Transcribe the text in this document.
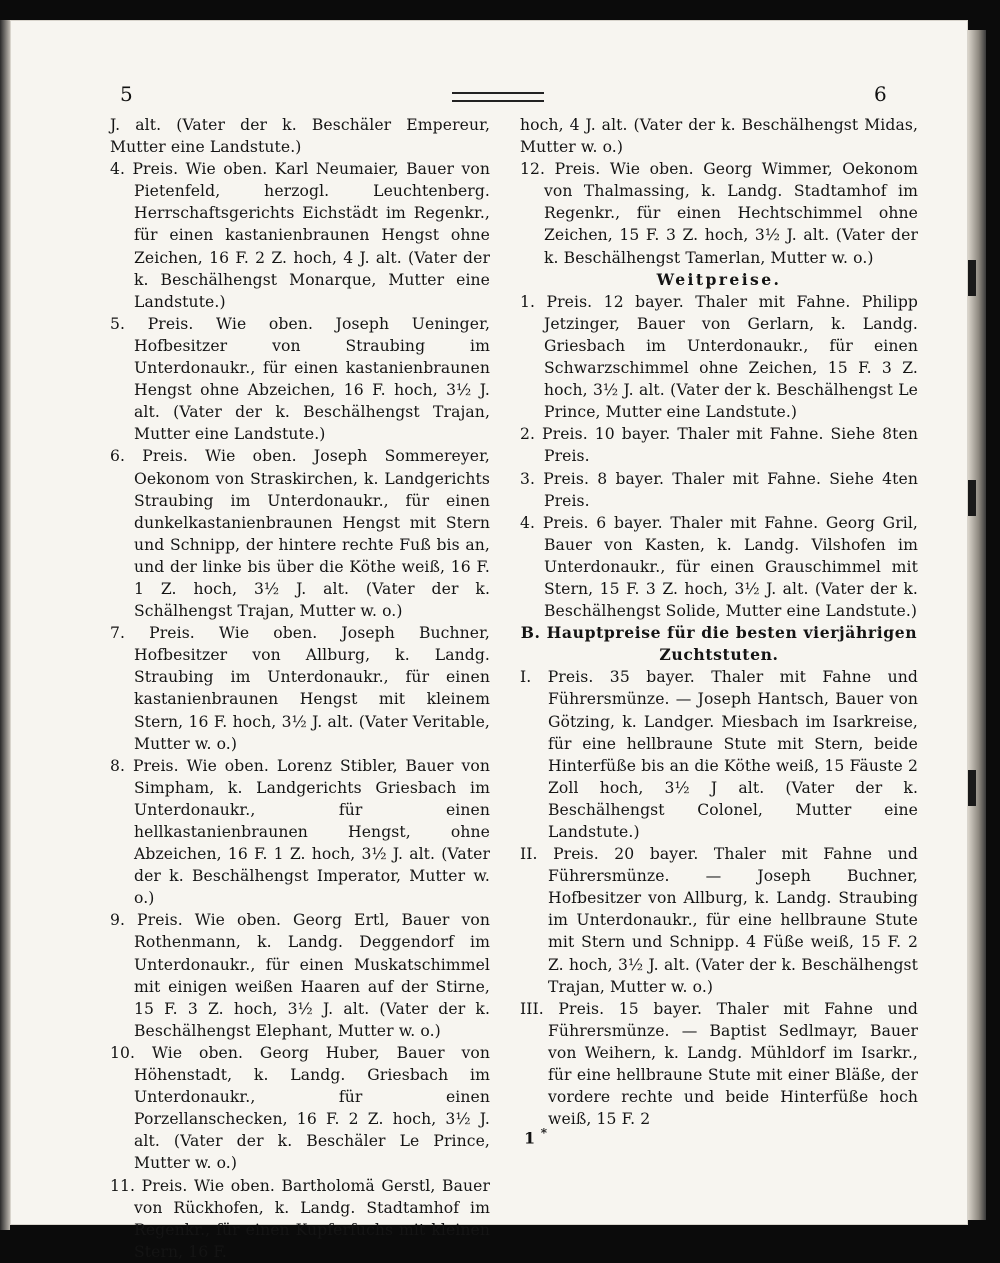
5	6

J. alt. (Vater der k. Beschäler Empereur, Mutter eine Landstute.)

4. Preis. Wie oben. Karl Neumaier, Bauer von Pietenfeld, herzogl. Leuchtenberg. Herrschaftsgerichts Eichstädt im Regenkr., für einen kastanienbraunen Hengst ohne Zeichen, 16 F. 2 Z. hoch, 4 J. alt. (Vater der k. Beschälhengst Monarque, Mutter eine Landstute.)

5. Preis. Wie oben. Joseph Ueninger, Hofbesitzer von Straubing im Unterdonaukr., für einen kastanienbraunen Hengst ohne Abzeichen, 16 F. hoch, 3½ J. alt. (Vater der k. Beschälhengst Trajan, Mutter eine Landstute.)

6. Preis. Wie oben. Joseph Sommereyer, Oekonom von Straskirchen, k. Landgerichts Straubing im Unterdonaukr., für einen dunkelkastanienbraunen Hengst mit Stern und Schnipp, der hintere rechte Fuß bis an, und der linke bis über die Köthe weiß, 16 F. 1 Z. hoch, 3½ J. alt. (Vater der k. Schälhengst Trajan, Mutter w. o.)

7. Preis. Wie oben. Joseph Buchner, Hofbesitzer von Allburg, k. Landg. Straubing im Unterdonaukr., für einen kastanienbraunen Hengst mit kleinem Stern, 16 F. hoch, 3½ J. alt. (Vater Veritable, Mutter w. o.)

8. Preis. Wie oben. Lorenz Stibler, Bauer von Simpham, k. Landgerichts Griesbach im Unterdonaukr., für einen hellkastanienbraunen Hengst, ohne Abzeichen, 16 F. 1 Z. hoch, 3½ J. alt. (Vater der k. Beschälhengst Imperator, Mutter w. o.)

9. Preis. Wie oben. Georg Ertl, Bauer von Rothenmann, k. Landg. Deggendorf im Unterdonaukr., für einen Muskatschimmel mit einigen weißen Haaren auf der Stirne, 15 F. 3 Z. hoch, 3½ J. alt. (Vater der k. Beschälhengst Elephant, Mutter w. o.)

10. Wie oben. Georg Huber, Bauer von Höhenstadt, k. Landg. Griesbach im Unterdonaukr., für einen Porzellanschecken, 16 F. 2 Z. hoch, 3½ J. alt. (Vater der k. Beschäler Le Prince, Mutter w. o.)

11. Preis. Wie oben. Bartholomä Gerstl, Bauer von Rückhofen, k. Landg. Stadtamhof im Regenkr., für einen Kupferfuchs mit kleinen Stern, 16 F.

hoch, 4 J. alt. (Vater der k. Beschälhengst Midas, Mutter w. o.)

12. Preis. Wie oben. Georg Wimmer, Oekonom von Thalmassing, k. Landg. Stadtamhof im Regenkr., für einen Hechtschimmel ohne Zeichen, 15 F. 3 Z. hoch, 3½ J. alt. (Vater der k. Beschälhengst Tamerlan, Mutter w. o.)

Weitpreise.

1. Preis. 12 bayer. Thaler mit Fahne. Philipp Jetzinger, Bauer von Gerlarn, k. Landg. Griesbach im Unterdonaukr., für einen Schwarzschimmel ohne Zeichen, 15 F. 3 Z. hoch, 3½ J. alt. (Vater der k. Beschälhengst Le Prince, Mutter eine Landstute.)

2. Preis. 10 bayer. Thaler mit Fahne. Siehe 8ten Preis.

3. Preis. 8 bayer. Thaler mit Fahne. Siehe 4ten Preis.

4. Preis. 6 bayer. Thaler mit Fahne. Georg Gril, Bauer von Kasten, k. Landg. Vilshofen im Unterdonaukr., für einen Grauschimmel mit Stern, 15 F. 3 Z. hoch, 3½ J. alt. (Vater der k. Beschälhengst Solide, Mutter eine Landstute.)

B. Hauptpreise für die besten vierjährigen Zuchtstuten.

I. Preis. 35 bayer. Thaler mit Fahne und Führersmünze. — Joseph Hantsch, Bauer von Götzing, k. Landger. Miesbach im Isarkreise, für eine hellbraune Stute mit Stern, beide Hinterfüße bis an die Köthe weiß, 15 Fäuste 2 Zoll hoch, 3½ J alt. (Vater der k. Beschälhengst Colonel, Mutter eine Landstute.)

II. Preis. 20 bayer. Thaler mit Fahne und Führersmünze. — Joseph Buchner, Hofbesitzer von Allburg, k. Landg. Straubing im Unterdonaukr., für eine hellbraune Stute mit Stern und Schnipp. 4 Füße weiß, 15 F. 2 Z. hoch, 3½ J. alt. (Vater der k. Beschälhengst Trajan, Mutter w. o.)

III. Preis. 15 bayer. Thaler mit Fahne und Führersmünze. — Baptist Sedlmayr, Bauer von Weihern, k. Landg. Mühldorf im Isarkr., für eine hellbraune Stute mit einer Bläße, der vordere rechte und beide Hinterfüße hoch weiß, 15 F. 2

1 *
